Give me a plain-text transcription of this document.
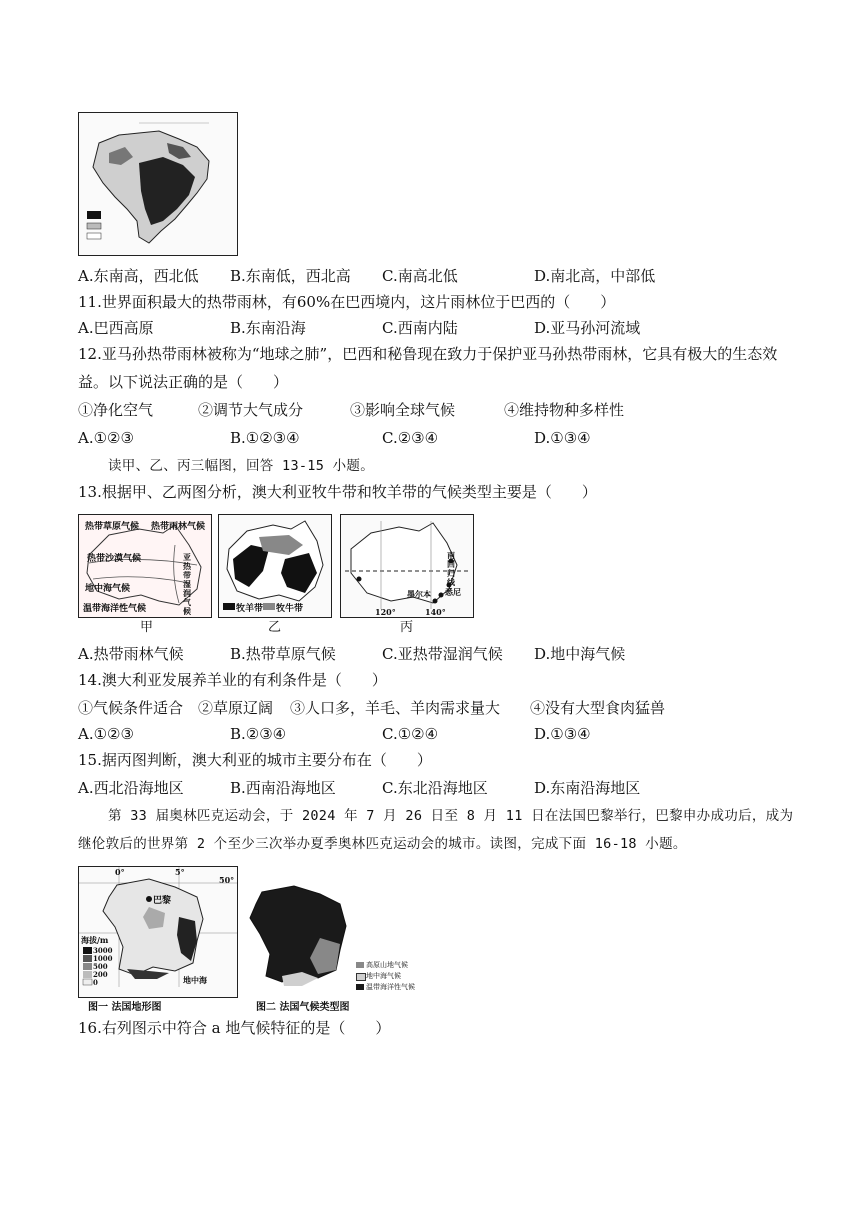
A.东南高，西北低 B.东南低，西北高 C.南高北低	D.南北高，中部低
11.世界面积最大的热带雨林，有60%在巴西境内，这片雨林位于巴西的（　　）
A.巴西高原	B.东南沿海	C.西南内陆	D.亚马孙河流域
12.亚马孙热带雨林被称为“地球之肺”，巴西和秘鲁现在致力于保护亚马孙热带雨林，它具有极大的生态效
益。以下说法正确的是（　　）
①净化空气	②调节大气成分	③影响全球气候	④维持物种多样性
A.①②③	B.①②③④	C.②③④	D.①③④
读甲、乙、丙三幅图，回答 13-15 小题。
13.根据甲、乙两图分析，澳大利亚牧牛带和牧羊带的气候类型主要是（　　）
热带草原气候 热带雨林气候
热带沙漠气候
地中海气候
温带海洋性气候
亚热带湿润气候	牧羊带 牧牛带
南回归线
悉尼
墨尔本
120°	140°
甲	乙	丙
A.热带雨林气候	B.热带草原气候	C.亚热带湿润气候 D.地中海气候
14.澳大利亚发展养羊业的有利条件是（　　）
①气候条件适合 ②草原辽阔 ③人口多，羊毛、羊肉需求量大 ④没有大型食肉猛兽
A.①②③	B.②③④	C.①②④	D.①③④
15.据丙图判断，澳大利亚的城市主要分布在（　　）
A.西北沿海地区	B.西南沿海地区	C.东北沿海地区	D.东南沿海地区
第 33 届奥林匹克运动会，于 2024 年 7 月 26 日至 8 月 11 日在法国巴黎举行，巴黎申办成功后，成为
继伦敦后的世界第 2 个至少三次举办夏季奥林匹克运动会的城市。读图，完成下面 16-18 小题。
巴黎
50°
0°	5°
海拔/m
3000
1000
500
200
0	地中海
图一 法国地形图	图二 法国气候类型图
高原山地气候
地中海气候
温带海洋性气候
16.右列图示中符合 a 地气候特征的是（　　）
